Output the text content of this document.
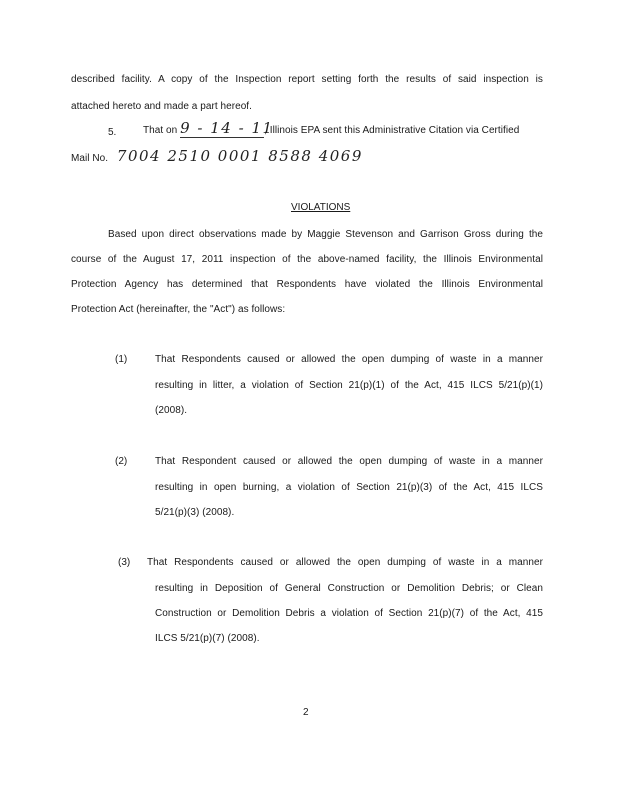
described facility. A copy of the Inspection report setting forth the results of said inspection is
attached hereto and made a part hereof.
5.	That on 9 - 14 - 11, Illinois EPA sent this Administrative Citation via Certified
Mail No. 7004 2510 0001 8588 4069
VIOLATIONS
Based upon direct observations made by Maggie Stevenson and Garrison Gross during the
course of the August 17, 2011 inspection of the above-named facility, the Illinois Environmental
Protection Agency has determined that Respondents have violated the Illinois Environmental
Protection Act (hereinafter, the "Act") as follows:
(1)	That Respondents caused or allowed the open dumping of waste in a manner
resulting in litter, a violation of Section 21(p)(1) of the Act, 415 ILCS 5/21(p)(1)
(2008).
(2)	That Respondent caused or allowed the open dumping of waste in a manner
resulting in open burning, a violation of Section 21(p)(3) of the Act, 415 ILCS
5/21(p)(3) (2008).
(3) That Respondents caused or allowed the open dumping of waste in a manner
resulting in Deposition of General Construction or Demolition Debris; or Clean
Construction or Demolition Debris a violation of Section 21(p)(7) of the Act, 415
ILCS 5/21(p)(7) (2008).
2
